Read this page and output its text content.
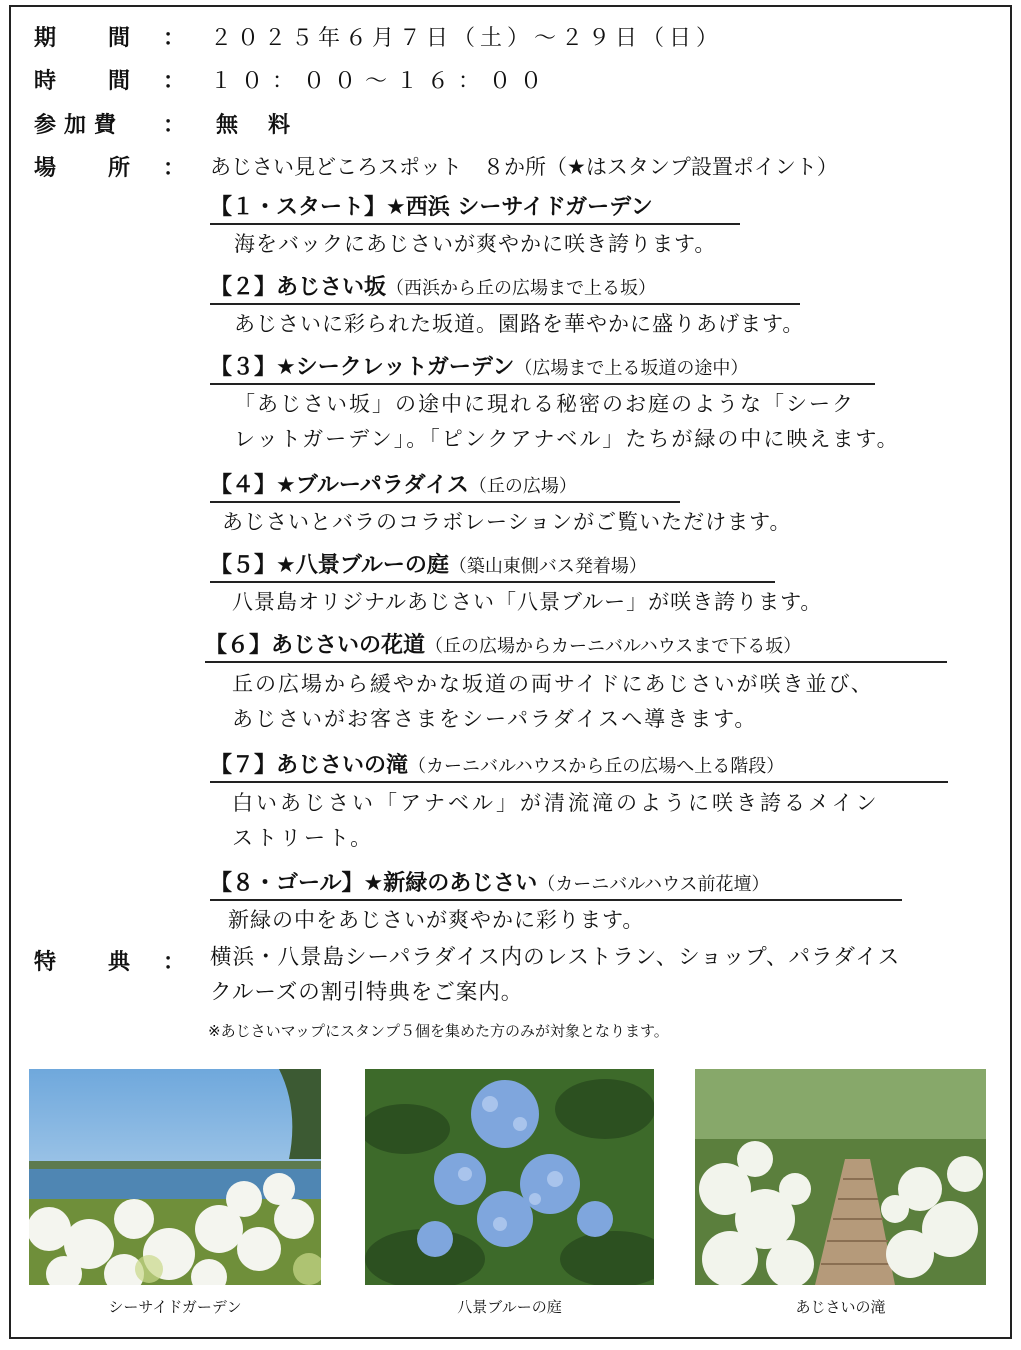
期 間 ： ２０２５年６月７日（土）～２９日（日）
時 間 ： １０：００～１６：００
参 加 費 ： 無　料
場 所 ： あじさい見どころスポット　８か所（★はスタンプ設置ポイント）
【１・スタート】★西浜 シーサイドガーデン
海をバックにあじさいが爽やかに咲き誇ります。
【２】あじさい坂（西浜から丘の広場まで上る坂）
あじさいに彩られた坂道。園路を華やかに盛りあげます。
【３】★シークレットガーデン（広場まで上る坂道の途中）
「あじさい坂」の途中に現れる秘密のお庭のような「シーク
レットガーデン」。「ピンクアナベル」たちが緑の中に映えます。
【４】★ブルーパラダイス（丘の広場）
あじさいとバラのコラボレーションがご覧いただけます。
【５】★八景ブルーの庭（築山東側バス発着場）
八景島オリジナルあじさい「八景ブルー」が咲き誇ります。
【６】あじさいの花道（丘の広場からカーニバルハウスまで下る坂）
丘の広場から緩やかな坂道の両サイドにあじさいが咲き並び、
あじさいがお客さまをシーパラダイスへ導きます。
【７】あじさいの滝（カーニバルハウスから丘の広場へ上る階段）
白いあじさい「アナベル」が清流滝のように咲き誇るメイン
ストリート。
【８・ゴール】★新緑のあじさい（カーニバルハウス前花壇）
新緑の中をあじさいが爽やかに彩ります。
特 典 ： 横浜・八景島シーパラダイス内のレストラン、ショップ、パラダイス
クルーズの割引特典をご案内。
※あじさいマップにスタンプ５個を集めた方のみが対象となります。
シーサイドガーデン	八景ブルーの庭	あじさいの滝
